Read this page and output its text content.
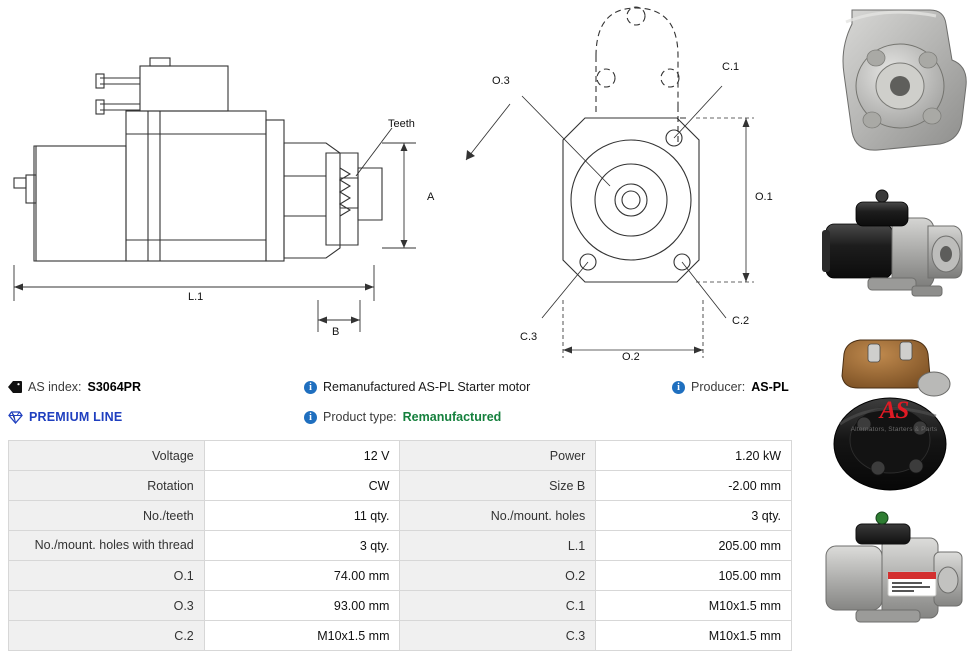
Teeth
A
L.1
B
O.3
C.1
O.1
C.3
C.2
O.2
AS index: S3064PR	i Remanufactured AS-PL Starter motor	i Producer: AS-PL
PREMIUM LINE	i Product type: Remanufactured	AS
Alternators, Starters & Parts
Voltage	12 V	Power	1.20 kW
Rotation	CW	Size B	-2.00 mm
No./teeth	11 qty.	No./mount. holes	3 qty.
No./mount. holes with thread	3 qty.	L.1	205.00 mm
O.1	74.00 mm	O.2	105.00 mm
O.3	93.00 mm	C.1	M10x1.5 mm
C.2	M10x1.5 mm	C.3	M10x1.5 mm
